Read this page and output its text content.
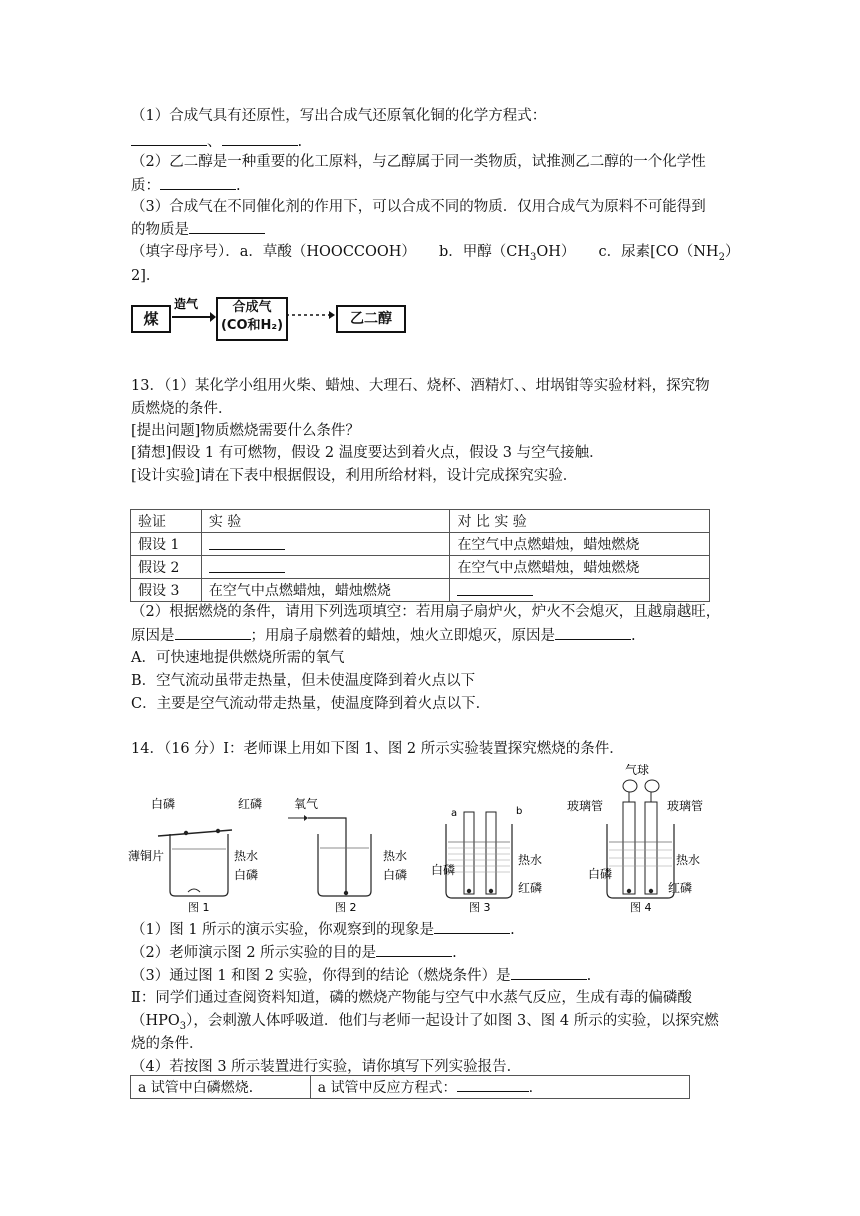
（1）合成气具有还原性，写出合成气还原氧化铜的化学方程式：
、	.
（2）乙二醇是一种重要的化工原料，与乙醇属于同一类物质，试推测乙二醇的一个化学性
质：	.
（3）合成气在不同催化剂的作用下，可以合成不同的物质．仅用合成气为原料不可能得到
的物质是
（填字母序号）．a．草酸（HOOCCOOH） b．甲醇$(CH_3OH)$ c．尿素[$CO(NH_2)$
2]．
煤
造气	合成气
(CO和H₂)	乙二醇
13．（1）某化学小组用火柴、蜡烛、大理石、烧杯、酒精灯、、坩埚钳等实验材料，探究物
质燃烧的条件．
[提出问题]物质燃烧需要什么条件？
[猜想]假设 1 有可燃物，假设 2 温度要达到着火点，假设 3 与空气接触．
[设计实验]请在下表中根据假设，利用所给材料，设计完成探究实验．
验证	实 验	对 比 实 验
假设 1		在空气中点燃蜡烛，蜡烛燃烧
假设 2		在空气中点燃蜡烛，蜡烛燃烧
假设 3	在空气中点燃蜡烛，蜡烛燃烧	
（2）根据燃烧的条件，请用下列选项填空：若用扇子扇炉火，炉火不会熄灭，且越扇越旺，
原因是	；用扇子扇燃着的蜡烛，烛火立即熄灭，原因是	.
A．可快速地提供燃烧所需的氧气
B．空气流动虽带走热量，但未使温度降到着火点以下
C．主要是空气流动带走热量，使温度降到着火点以下．
14．（16 分）Ⅰ：老师课上用如下图 1、图 2 所示实验装置探究燃烧的条件．
白磷	红磷
薄铜片	热水
白磷
图 1
氧气
热水
白磷
图 2
a	b
热水
白磷
红磷
图 3
气球
玻璃管	玻璃管
热水
白磷
红磷
图 4
（1）图 1 所示的演示实验，你观察到的现象是	.
（2）老师演示图 2 所示实验的目的是	.
（3）通过图 1 和图 2 实验，你得到的结论（燃烧条件）是	.
Ⅱ：同学们通过查阅资料知道，磷的燃烧产物能与空气中水蒸气反应，生成有毒的偏磷酸
$(HPO_3)$，会刺激人体呼吸道．他们与老师一起设计了如图 3、图 4 所示的实验，以探究燃
烧的条件．
（4）若按图 3 所示装置进行实验，请你填写下列实验报告．
a 试管中白磷燃烧．	a 试管中反应方程式：	.
